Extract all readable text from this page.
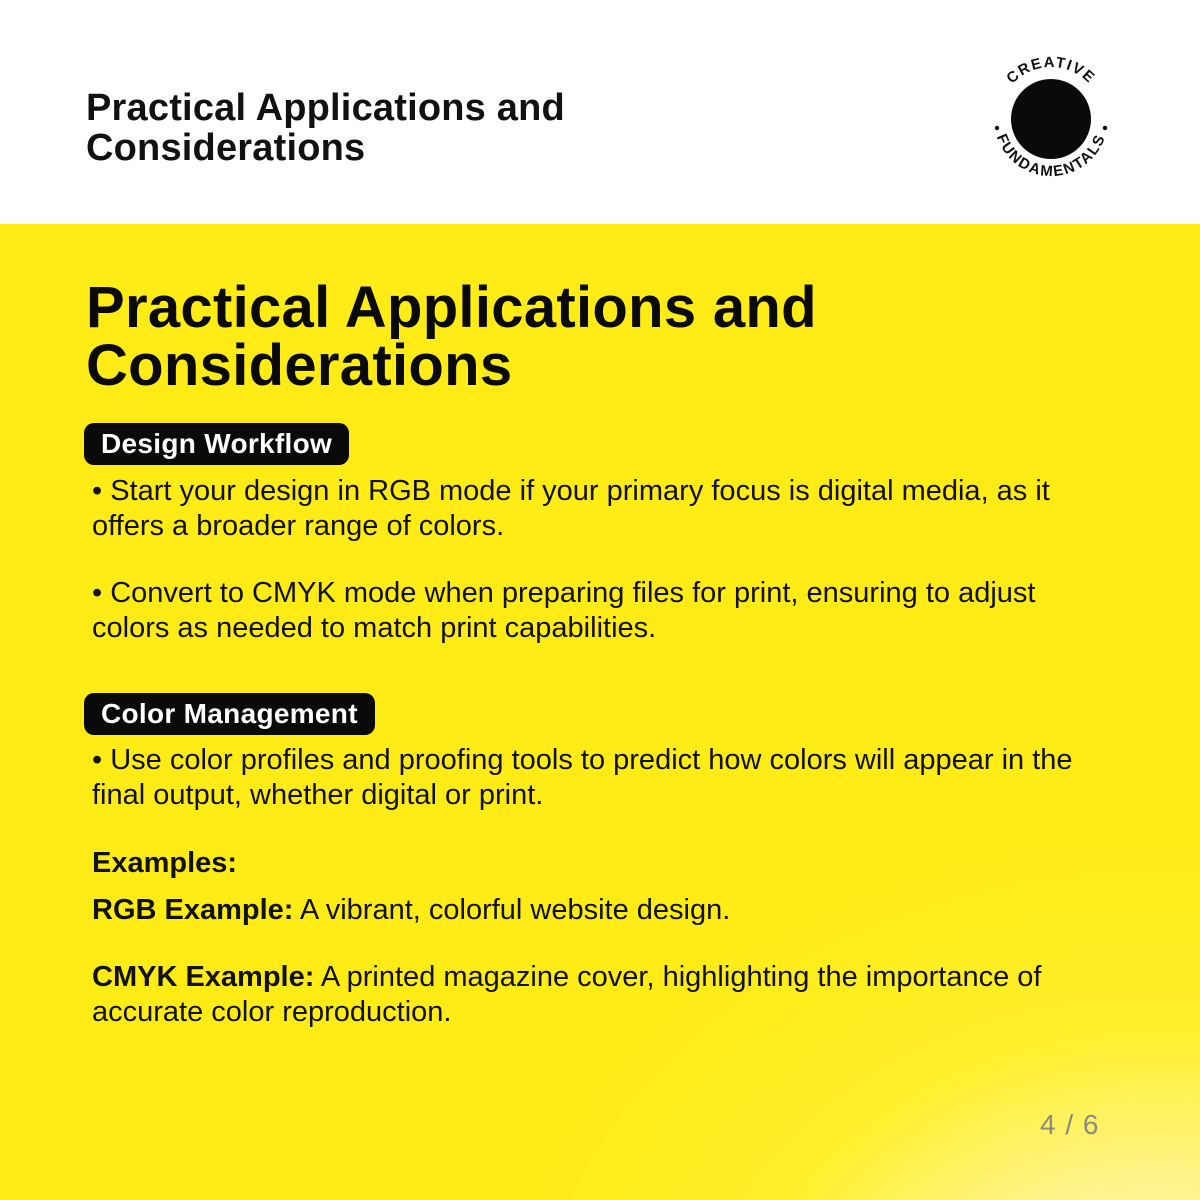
Practical Applications and
Considerations
CREATIVE
FUNDAMENTALS
Practical Applications and
Considerations
Design Workflow
• Start your design in RGB mode if your primary focus is digital media, as it offers a broader range of colors.
• Convert to CMYK mode when preparing files for print, ensuring to adjust colors as needed to match print capabilities.
Color Management
• Use color profiles and proofing tools to predict how colors will appear in the final output, whether digital or print.
Examples:
RGB Example: A vibrant, colorful website design.
CMYK Example: A printed magazine cover, highlighting the importance of accurate color reproduction.
4 / 6
